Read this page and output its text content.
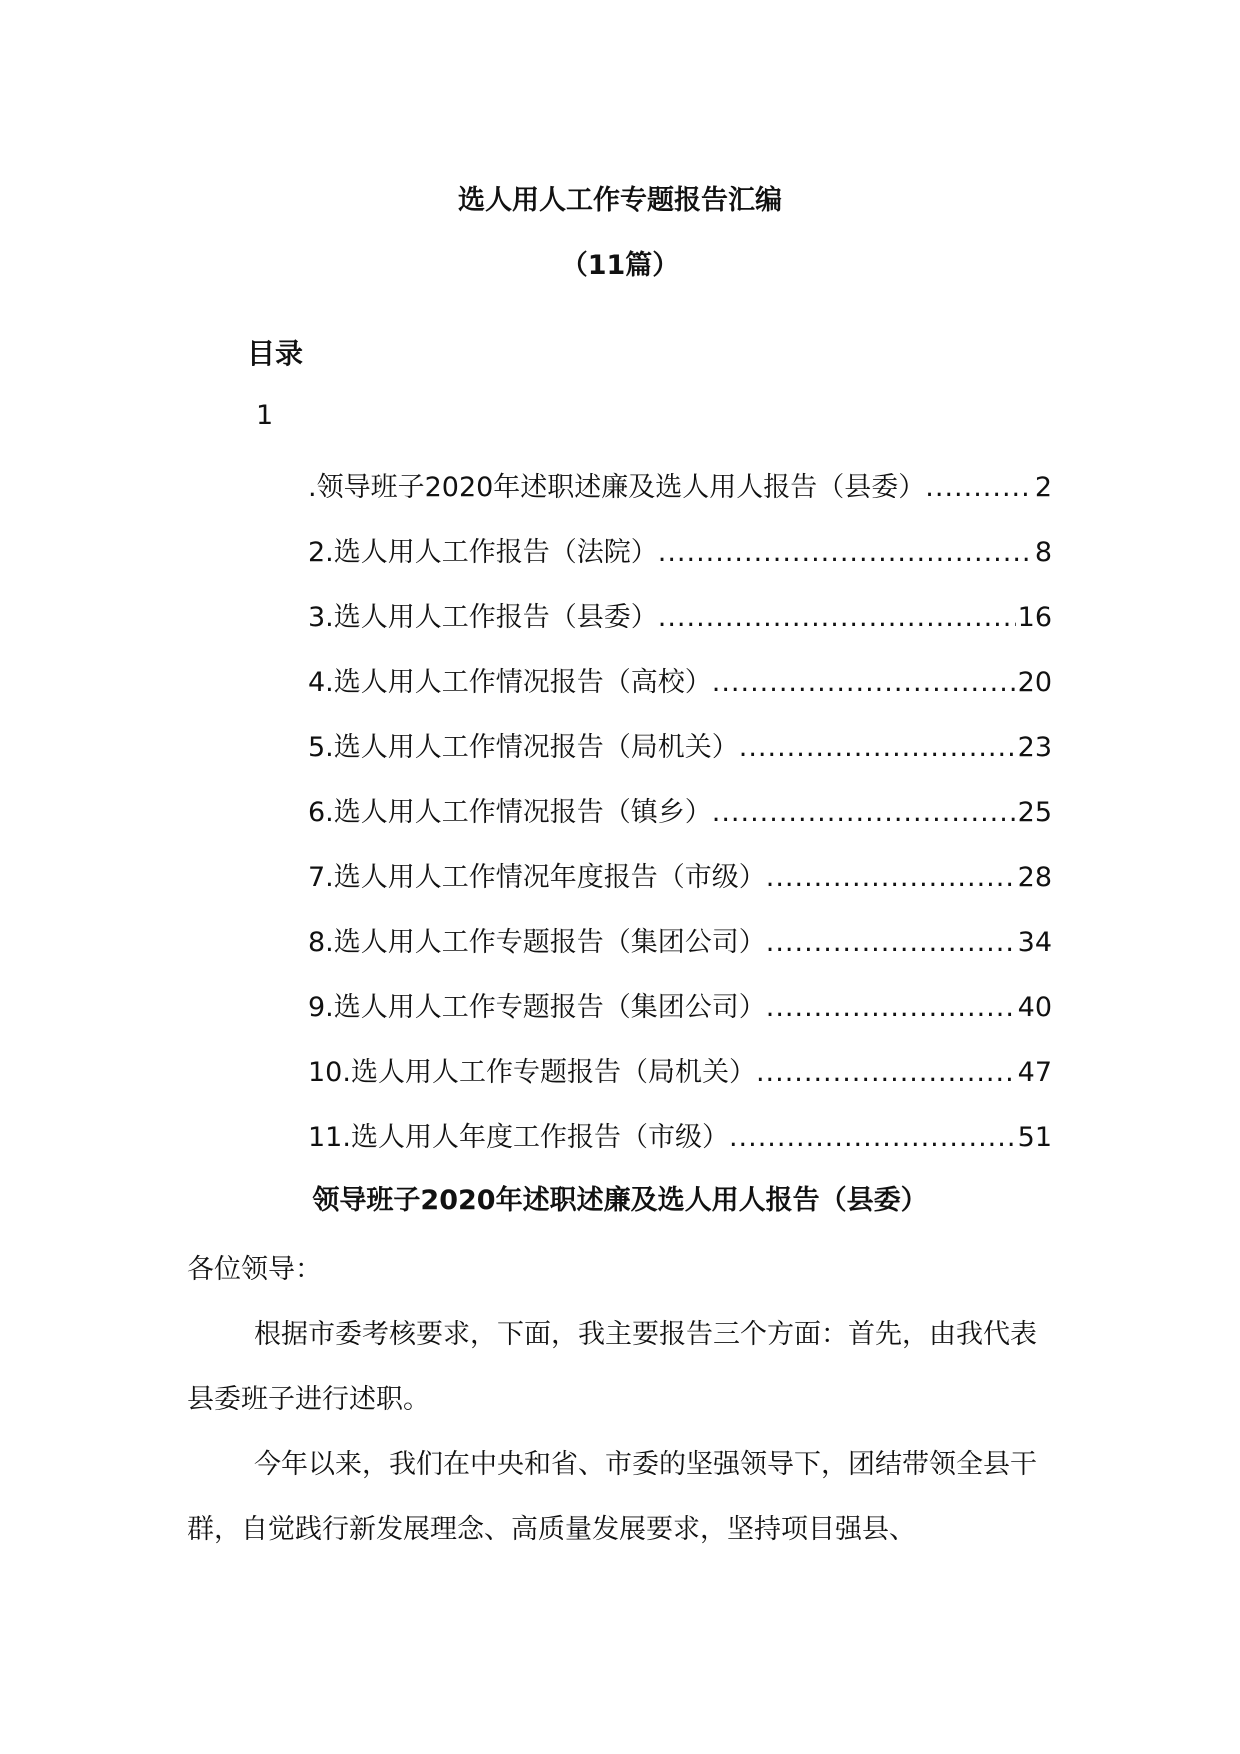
选人用人工作专题报告汇编
（11篇）
目录
1
.领导班子2020年述职述廉及选人用人报告（县委） .....	2
2.选人用人工作报告（法院） .....	8
3.选人用人工作报告（县委） .....	16
4.选人用人工作情况报告（高校） .....	20
5.选人用人工作情况报告（局机关） .....	23
6.选人用人工作情况报告（镇乡） .....	25
7.选人用人工作情况年度报告（市级） .....	28
8.选人用人工作专题报告（集团公司） .....	34
9.选人用人工作专题报告（集团公司） .....	40
10.选人用人工作专题报告（局机关） .....	47
11.选人用人年度工作报告（市级） .....	51
领导班子2020年述职述廉及选人用人报告（县委）
各位领导：
根据市委考核要求，下面，我主要报告三个方面：首先，由我代表县委班子进行述职。
今年以来，我们在中央和省、市委的坚强领导下，团结带领全县干群，自觉践行新发展理念、高质量发展要求，坚持项目强县、
